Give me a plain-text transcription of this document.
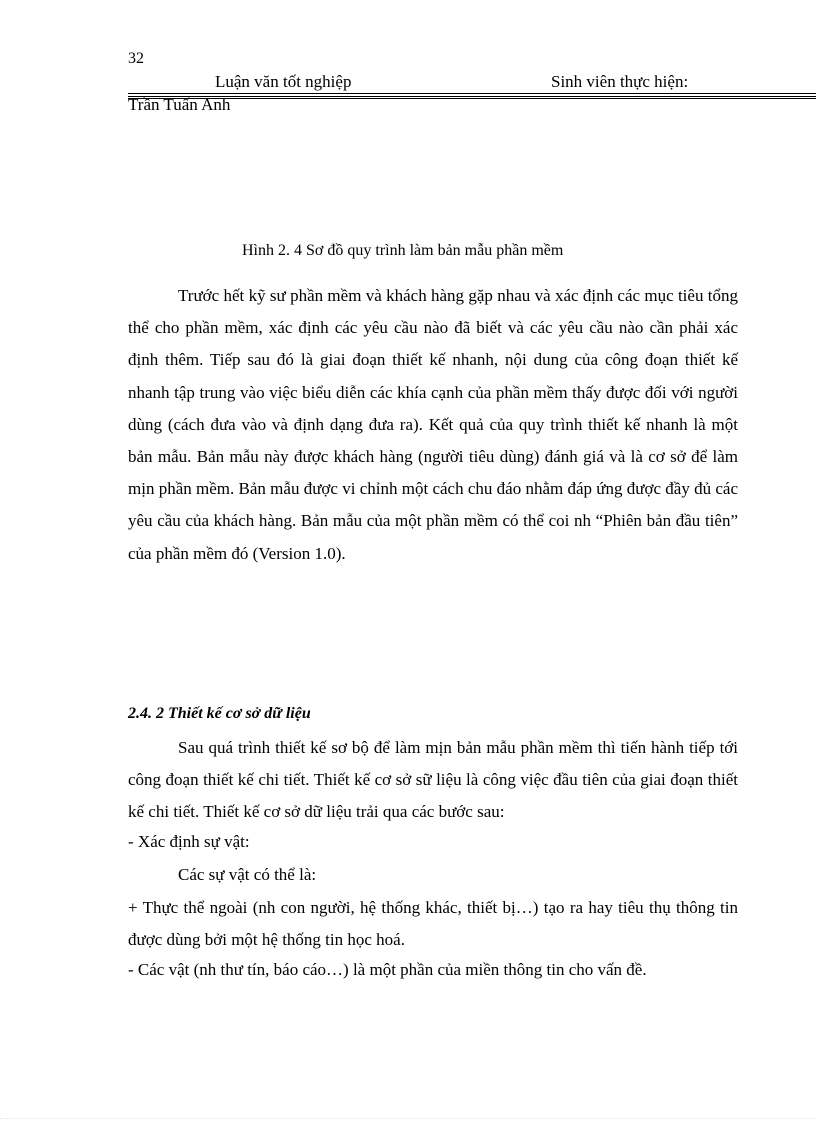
32
Luận văn tốt nghiệp	Sinh viên thực hiện:
Trần Tuấn Anh
Hình 2. 4 Sơ đồ quy trình làm bản mẫu phần mềm

Trước hết kỹ sư phần mềm và khách hàng gặp nhau và xác định các mục tiêu tổng thể cho phần mềm, xác định các yêu cầu nào đã biết và các yêu cầu nào cần phải xác định thêm. Tiếp sau đó là giai đoạn thiết kế nhanh, nội dung của công đoạn thiết kế nhanh tập trung vào việc biểu diễn các khía cạnh của phần mềm thấy được đối với người dùng (cách đưa vào và định dạng đưa ra). Kết quả của quy trình thiết kế nhanh là một bản mẫu. Bản mẫu này được khách hàng (người tiêu dùng) đánh giá và là cơ sở để làm mịn phần mềm. Bản mẫu được vi chỉnh một cách chu đáo nhằm đáp ứng được đầy đủ các yêu cầu của khách hàng. Bản mẫu của một phần mềm có thể coi nh “Phiên bản đầu tiên” của phần mềm đó (Version 1.0).

2.4. 2 Thiết kế cơ sở dữ liệu

Sau quá trình thiết kế sơ bộ để làm mịn bản mẫu phần mềm thì tiến hành tiếp tới công đoạn thiết kế chi tiết. Thiết kế cơ sở sữ liệu là công việc đầu tiên của giai đoạn thiết kế chi tiết. Thiết kế cơ sở dữ liệu trải qua các bước sau:

- Xác định sự vật:
Các sự vật có thể là:

+ Thực thể ngoài (nh con người, hệ thống khác, thiết bị…) tạo ra hay tiêu thụ thông tin được dùng bởi một hệ thống tin học hoá.

- Các vật (nh thư tín, báo cáo…) là một phần của miền thông tin cho vấn đề.
